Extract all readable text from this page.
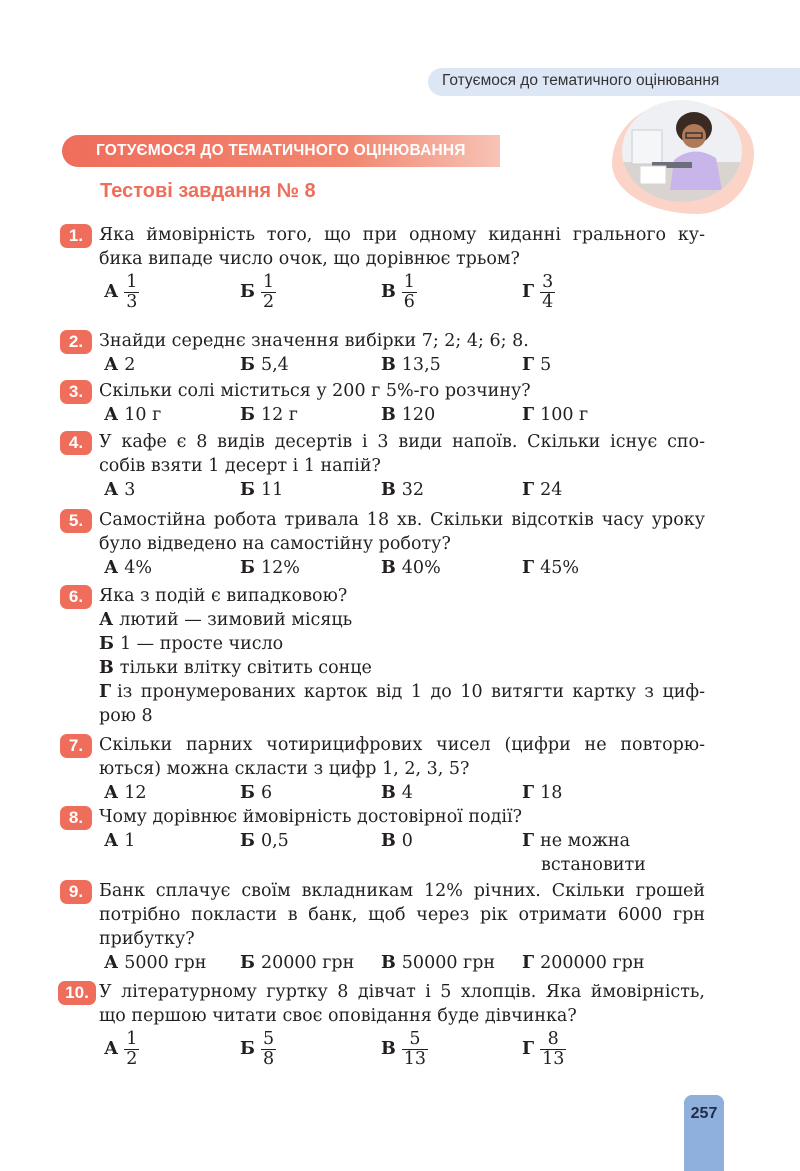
Готуємося до тематичного оцінювання
ГОТУЄМОСЯ ДО ТЕМАТИЧНОГО ОЦІНЮВАННЯ
Тестові завдання № 8
1. Яка ймовірність того, що при одному киданні грального ку-
бика випаде число очок, що дорівнює трьом?
А $\frac{1}{3}$	Б $\frac{1}{2}$	В $\frac{1}{6}$	Г $\frac{3}{4}$
2. Знайди середнє значення вибірки 7; 2; 4; 6; 8.
А 2	Б 5,4	В 13,5	Г 5
3. Скільки солі міститься у 200 г 5%-го розчину?
А 10 г	Б 12 г	В 120	Г 100 г
4. У кафе є 8 видів десертів і 3 види напоїв. Скільки існує спо-
собів взяти 1 десерт і 1 напій?
А 3	Б 11	В 32	Г 24
5. Самостійна робота тривала 18 хв. Скільки відсотків часу уроку
було відведено на самостійну роботу?
А 4%	Б 12%	В 40%	Г 45%
6. Яка з подій є випадковою?
А лютий — зимовий місяць
Б 1 — просте число
В тільки влітку світить сонце
Г із пронумерованих карток від 1 до 10 витягти картку з циф-
рою 8
7. Скільки парних чотирицифрових чисел (цифри не повторю-
ються) можна скласти з цифр 1, 2, 3, 5?
А 12	Б 6	В 4	Г 18
8. Чому дорівнює ймовірність достовірної події?
А 1	Б 0,5	В 0	Г не можна
встановити
9. Банк сплачує своїм вкладникам 12% річних. Скільки грошей
потрібно покласти в банк, щоб через рік отримати 6000 грн
прибутку?
А 5000 грн Б 20000 грн В 50000 грн Г 200000 грн
10. У літературному гуртку 8 дівчат і 5 хлопців. Яка ймовірність,
що першою читати своє оповідання буде дівчинка?
А $\frac{1}{2}$	Б $\frac{5}{8}$	В $\frac{5}{13}$	Г $\frac{8}{13}$
257
